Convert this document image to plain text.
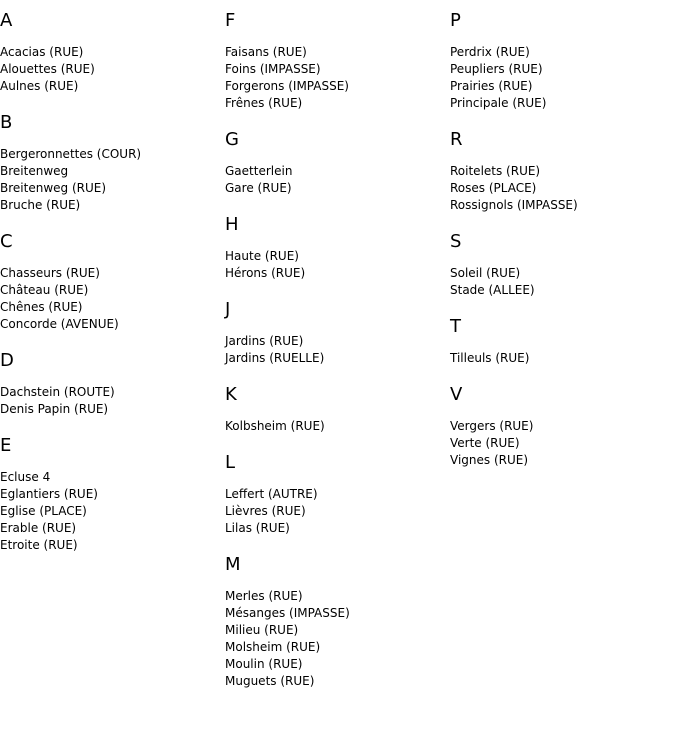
A
Acacias (RUE)
Alouettes (RUE)
Aulnes (RUE)
B
Bergeronnettes (COUR)
Breitenweg
Breitenweg (RUE)
Bruche (RUE)
C
Chasseurs (RUE)
Château (RUE)
Chênes (RUE)
Concorde (AVENUE)
D
Dachstein (ROUTE)
Denis Papin (RUE)
E
Ecluse 4
Eglantiers (RUE)
Eglise (PLACE)
Erable (RUE)
Etroite (RUE)
F
Faisans (RUE)
Foins (IMPASSE)
Forgerons (IMPASSE)
Frênes (RUE)
G
Gaetterlein
Gare (RUE)
H
Haute (RUE)
Hérons (RUE)
J
Jardins (RUE)
Jardins (RUELLE)
K
Kolbsheim (RUE)
L
Leffert (AUTRE)
Lièvres (RUE)
Lilas (RUE)
M
Merles (RUE)
Mésanges (IMPASSE)
Milieu (RUE)
Molsheim (RUE)
Moulin (RUE)
Muguets (RUE)
P
Perdrix (RUE)
Peupliers (RUE)
Prairies (RUE)
Principale (RUE)
R
Roitelets (RUE)
Roses (PLACE)
Rossignols (IMPASSE)
S
Soleil (RUE)
Stade (ALLEE)
T
Tilleuls (RUE)
V
Vergers (RUE)
Verte (RUE)
Vignes (RUE)
